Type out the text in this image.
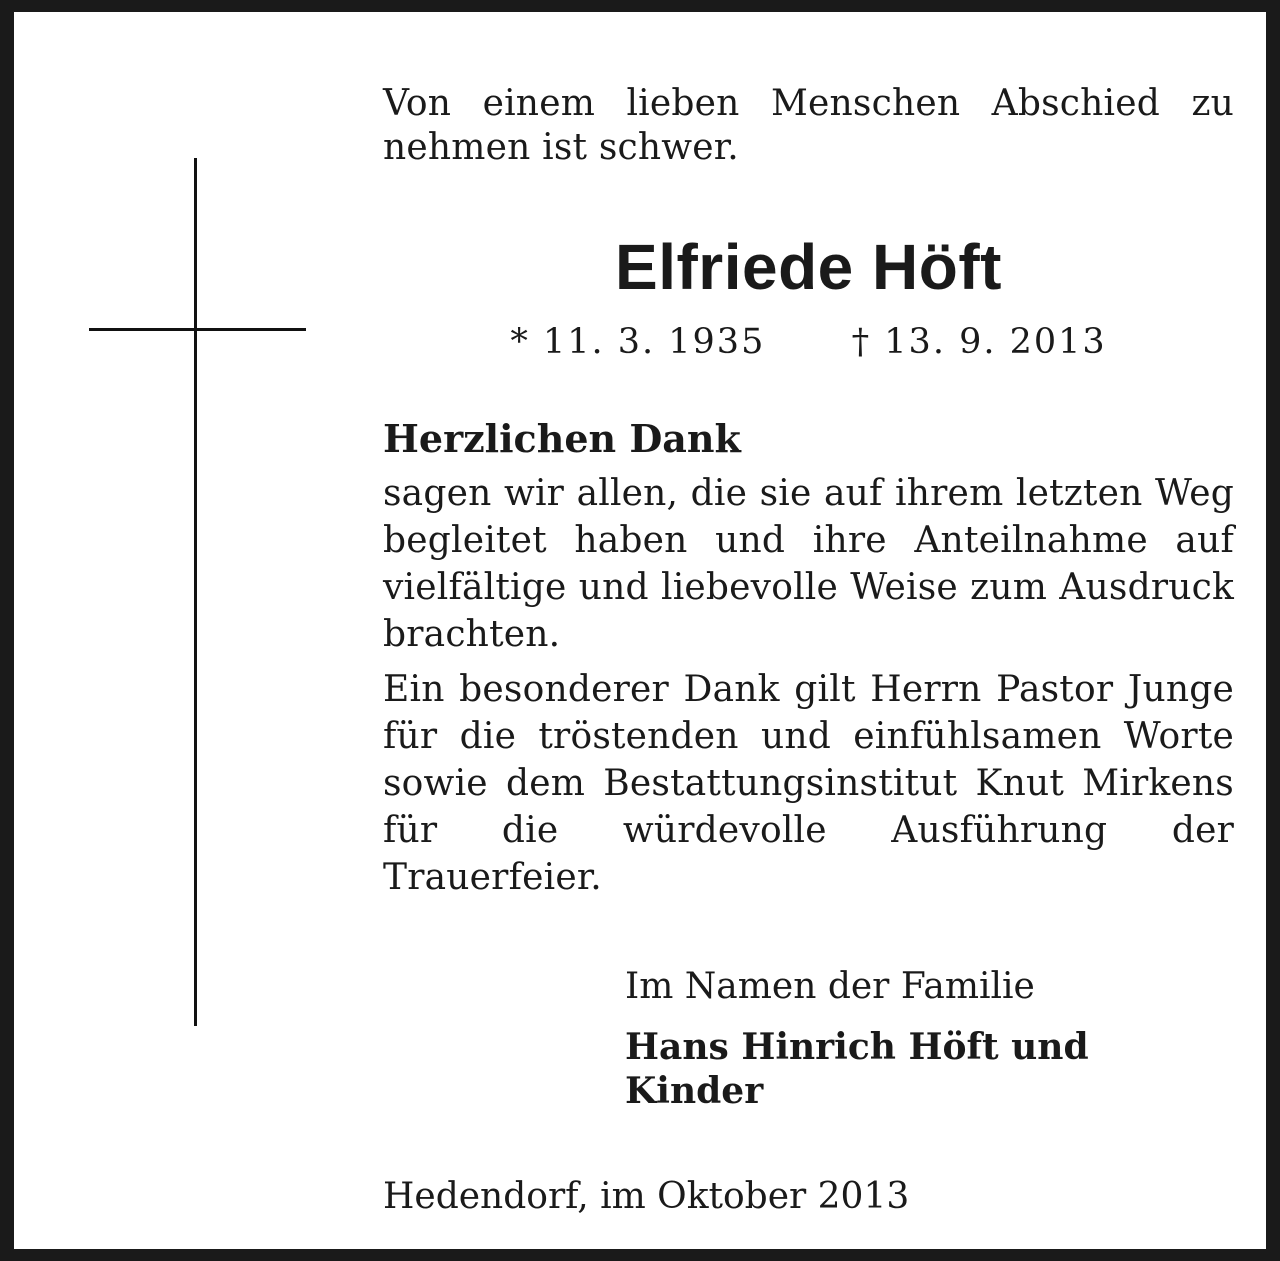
Von einem lieben Menschen Abschied zu nehmen ist schwer.

Elfriede Höft
* 11. 3. 1935 † 13. 9. 2013
Herzlichen Dank

sagen wir allen, die sie auf ihrem letzten Weg begleitet haben und ihre Anteilnahme auf vielfältige und liebevolle Weise zum Ausdruck brachten.

Ein besonderer Dank gilt Herrn Pastor Junge für die tröstenden und einfühlsamen Worte sowie dem Bestattungsinstitut Knut Mirkens für die würdevolle Ausführung der Trauerfeier.

Im Namen der Familie
Hans Hinrich Höft und Kinder
Hedendorf, im Oktober 2013
